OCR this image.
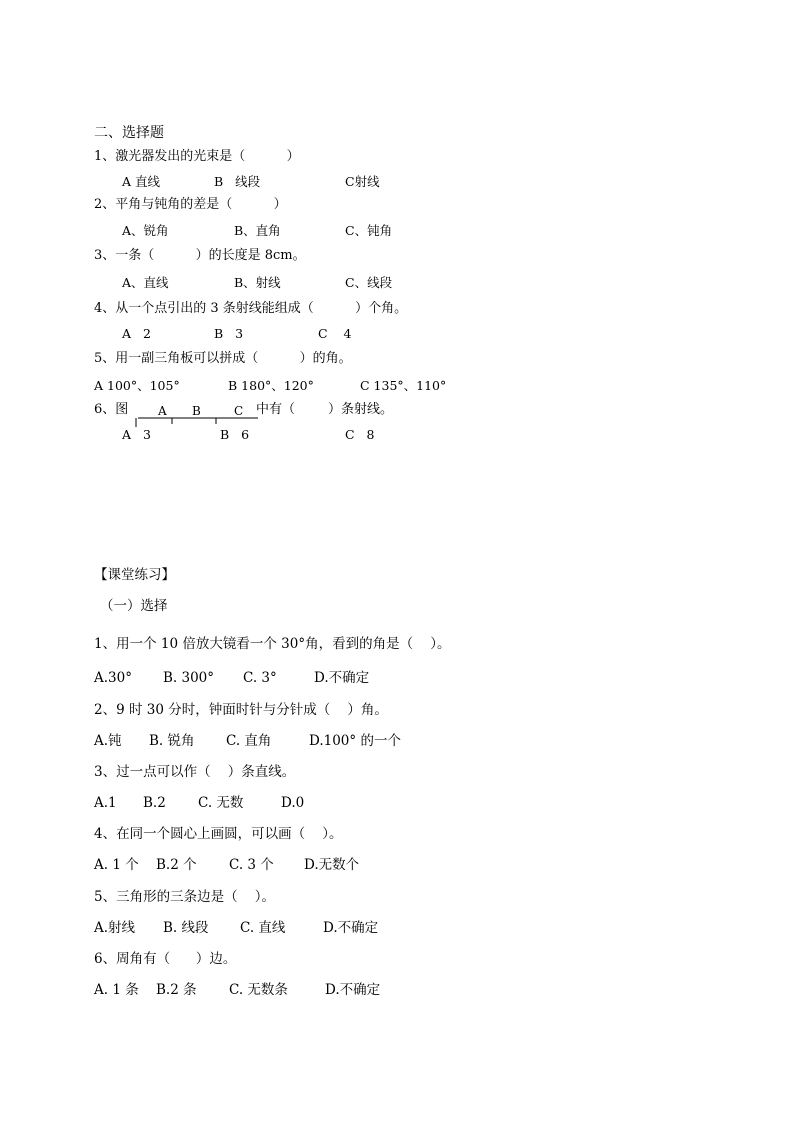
二、选择题
1、激光器发出的光束是（          ）
A 直线	B   线段	C射线
2、平角与钝角的差是（          ）
A、锐角	B、直角	C、钝角
3、一条（          ）的长度是 8cm。
A、直线	B、射线	C、线段
4、从一个点引出的 3 条射线能组成（          ）个角。
A   2	B   3	C    4
5、用一副三角板可以拼成（          ）的角。
A 100°、105°	B 180°、120°	C 135°、110°
6、图 A B	C 中有（        ）条射线。
A   3	B   6	C   8
【课堂练习】
（一）选择
1、用一个 10 倍放大镜看一个 30°角，看到的角是（    ）。
A.30° B. 300° C. 3°	D.不确定
2、9 时 30 分时，钟面时针与分针成（    ）角。
A.钝 B. 锐角 C. 直角	D.100° 的一个
3、过一点可以作（    ）条直线。
A.1 B.2 C. 无数	D.0
4、在同一个圆心上画圆，可以画（    ）。
A. 1 个 B.2 个 C. 3 个 D.无数个
5、三角形的三条边是（    ）。
A.射线 B. 线段 C. 直线	D.不确定
6、周角有（      ）边。
A. 1 条 B.2 条 C. 无数条	D.不确定
